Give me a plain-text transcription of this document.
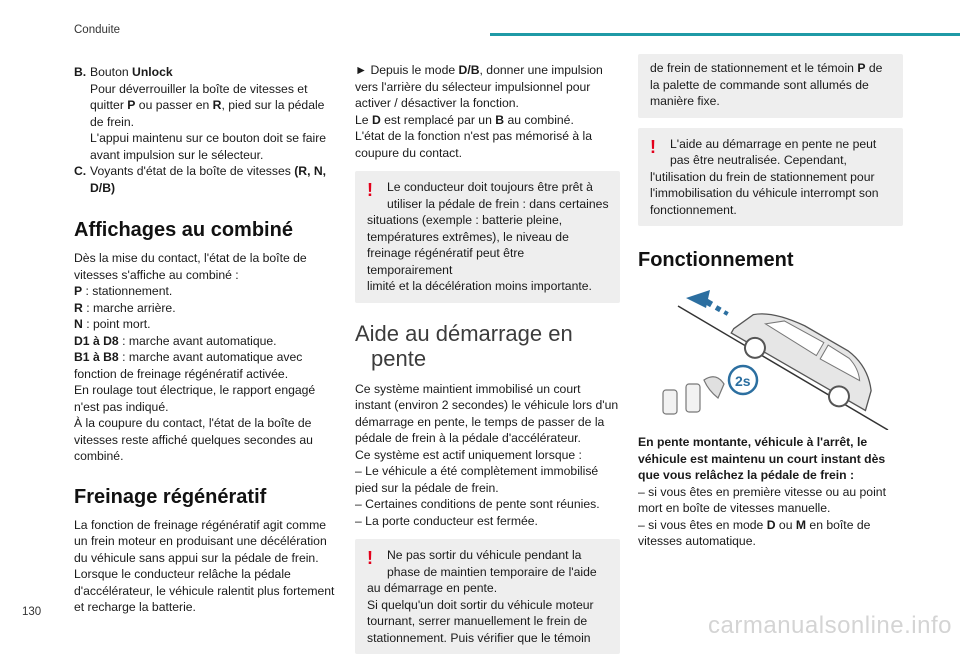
Conduite
130	carmanualsonline.info
B. Bouton Unlock
Pour déverrouiller la boîte de vitesses et
quitter P ou passer en R, pied sur la pédale
de frein.
L'appui maintenu sur ce bouton doit se faire
avant impulsion sur le sélecteur.
C. Voyants d'état de la boîte de vitesses (R, N,
D/B)
Affichages au combiné
Dès la mise du contact, l'état de la boîte de
vitesses s'affiche au combiné :
P : stationnement.
R : marche arrière.
N : point mort.
D1 à D8 : marche avant automatique.
B1 à B8 : marche avant automatique avec
fonction de freinage régénératif activée.
En roulage tout électrique, le rapport engagé
n'est pas indiqué.
À la coupure du contact, l'état de la boîte de
vitesses reste affiché quelques secondes au
combiné.
Freinage régénératif
La fonction de freinage régénératif agit comme
un frein moteur en produisant une décélération
du véhicule sans appui sur la pédale de frein.
Lorsque le conducteur relâche la pédale
d'accélérateur, le véhicule ralentit plus fortement
et recharge la batterie.
► Depuis le mode D/B, donner une impulsion
vers l'arrière du sélecteur impulsionnel pour
activer / désactiver la fonction.
Le D est remplacé par un B au combiné.
L'état de la fonction n'est pas mémorisé à la
coupure du contact.
!	Le conducteur doit toujours être prêt à
utiliser la pédale de frein : dans certaines
situations (exemple : batterie pleine,
températures extrêmes), le niveau de
freinage régénératif peut être temporairement
limité et la décélération moins importante.
Aide au démarrage en
pente
Ce système maintient immobilisé un court
instant (environ 2 secondes) le véhicule lors d'un
démarrage en pente, le temps de passer de la
pédale de frein à la pédale d'accélérateur.
Ce système est actif uniquement lorsque :
– Le véhicule a été complètement immobilisé
pied sur la pédale de frein.
– Certaines conditions de pente sont réunies.
– La porte conducteur est fermée.
!	Ne pas sortir du véhicule pendant la
phase de maintien temporaire de l'aide
au démarrage en pente.
Si quelqu'un doit sortir du véhicule moteur
tournant, serrer manuellement le frein de
stationnement. Puis vérifier que le témoin
de frein de stationnement et le témoin P de
la palette de commande sont allumés de
manière fixe.
!	L'aide au démarrage en pente ne peut
pas être neutralisée. Cependant,
l'utilisation du frein de stationnement pour
l'immobilisation du véhicule interrompt son
fonctionnement.
Fonctionnement
2s
En pente montante, véhicule à l'arrêt, le
véhicule est maintenu un court instant dès
que vous relâchez la pédale de frein :
– si vous êtes en première vitesse ou au point
mort en boîte de vitesses manuelle.
– si vous êtes en mode D ou M en boîte de
vitesses automatique.
